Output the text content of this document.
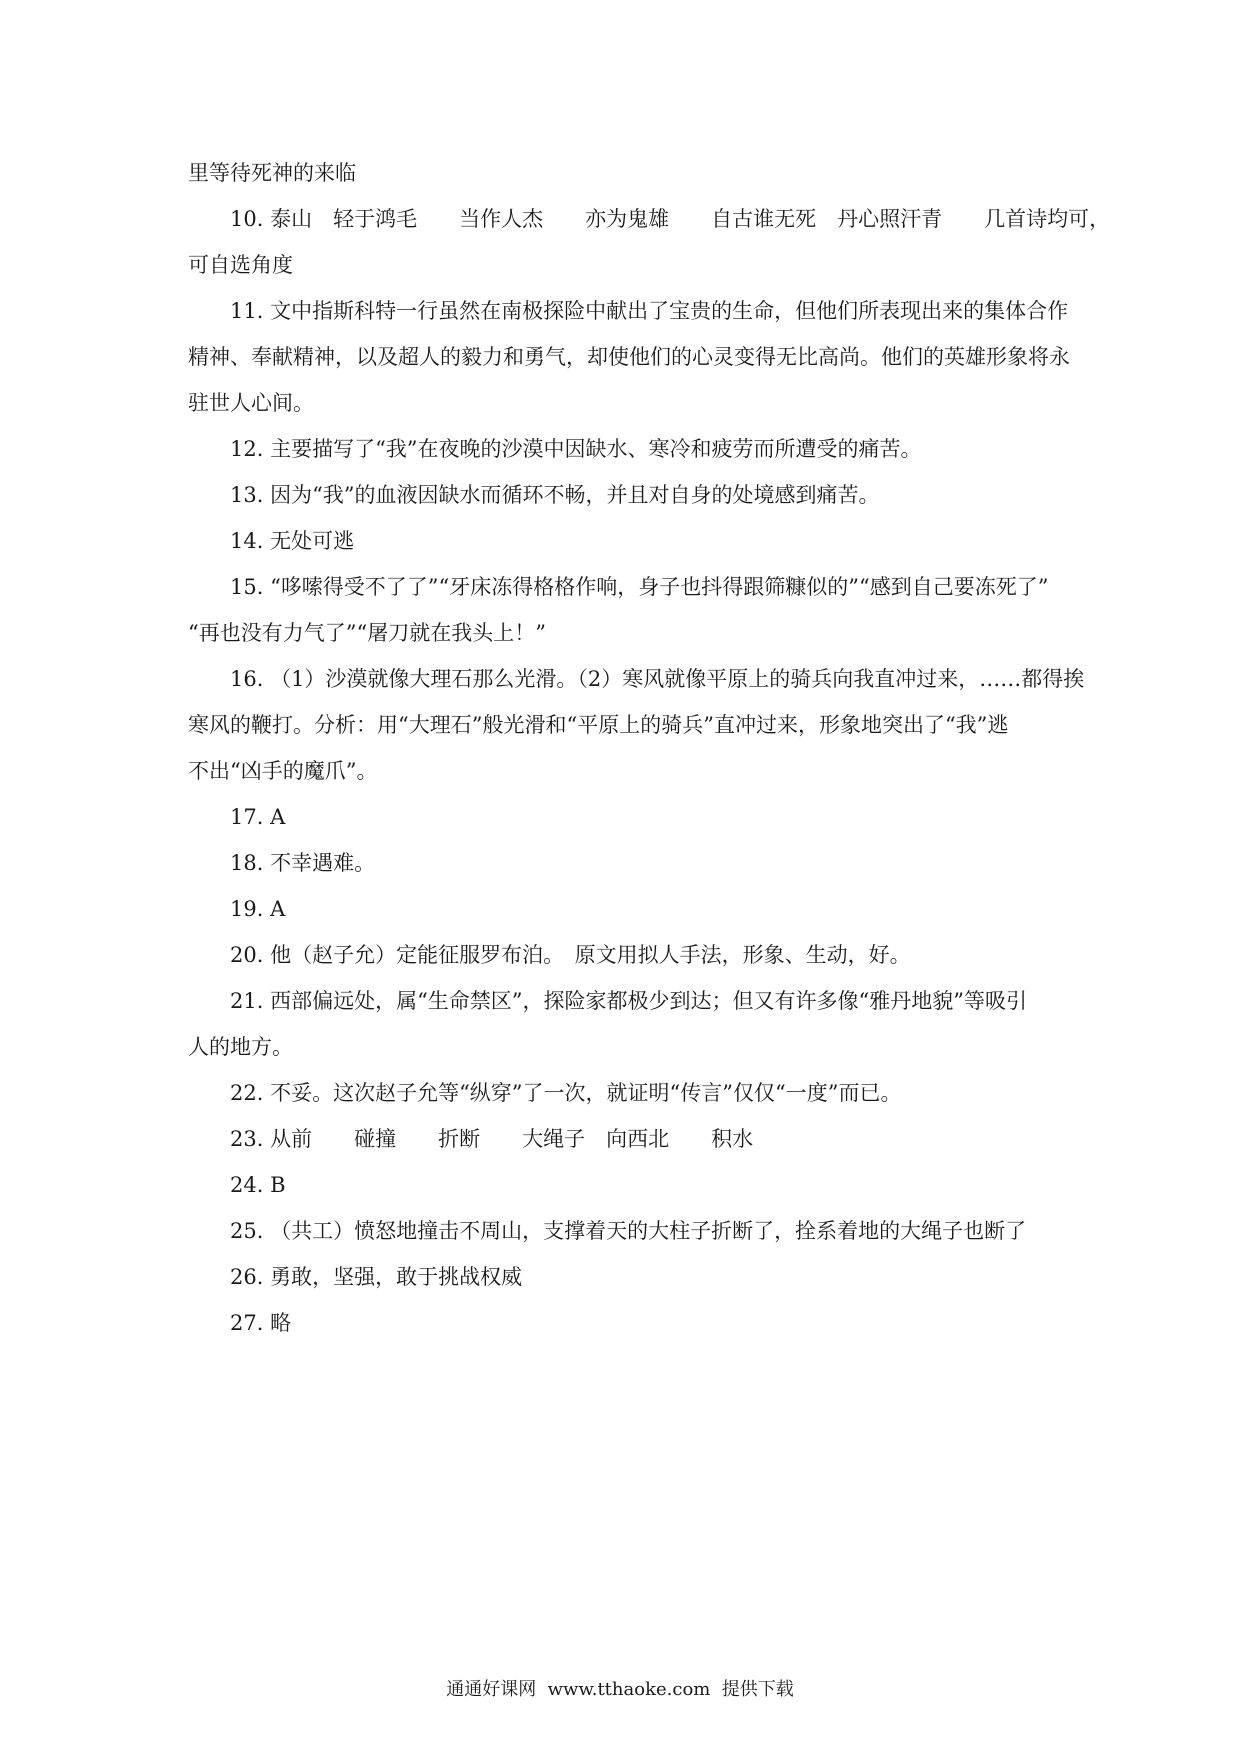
里等待死神的来临

10. 泰山　轻于鸿毛　　当作人杰　　亦为鬼雄　　自古谁无死　丹心照汗青　　几首诗均可，

可自选角度

11. 文中指斯科特一行虽然在南极探险中献出了宝贵的生命，但他们所表现出来的集体合作

精神、奉献精神，以及超人的毅力和勇气，却使他们的心灵变得无比高尚。他们的英雄形象将永

驻世人心间。

12. 主要描写了“我”在夜晚的沙漠中因缺水、寒冷和疲劳而所遭受的痛苦。

13. 因为“我”的血液因缺水而循环不畅，并且对自身的处境感到痛苦。

14. 无处可逃

15. “哆嗦得受不了了”“牙床冻得格格作响，身子也抖得跟筛糠似的”“感到自己要冻死了”

“再也没有力气了”“屠刀就在我头上！”

16. （1）沙漠就像大理石那么光滑。（2）寒风就像平原上的骑兵向我直冲过来，……都得挨

寒风的鞭打。分析：用“大理石”般光滑和“平原上的骑兵”直冲过来，形象地突出了“我”逃

不出“凶手的魔爪”。

17. A

18. 不幸遇难。

19. A

20. 他（赵子允）定能征服罗布泊。　原文用拟人手法，形象、生动，好。

21. 西部偏远处，属“生命禁区”，探险家都极少到达；但又有许多像“雅丹地貌”等吸引

人的地方。

22. 不妥。这次赵子允等“纵穿”了一次，就证明“传言”仅仅“一度”而已。

23. 从前　　碰撞　　折断　　大绳子　向西北　　积水

24. B

25. （共工）愤怒地撞击不周山，支撑着天的大柱子折断了，拴系着地的大绳子也断了

26. 勇敢，坚强，敢于挑战权威

27. 略

通通好课网  www.tthaoke.com  提供下载
